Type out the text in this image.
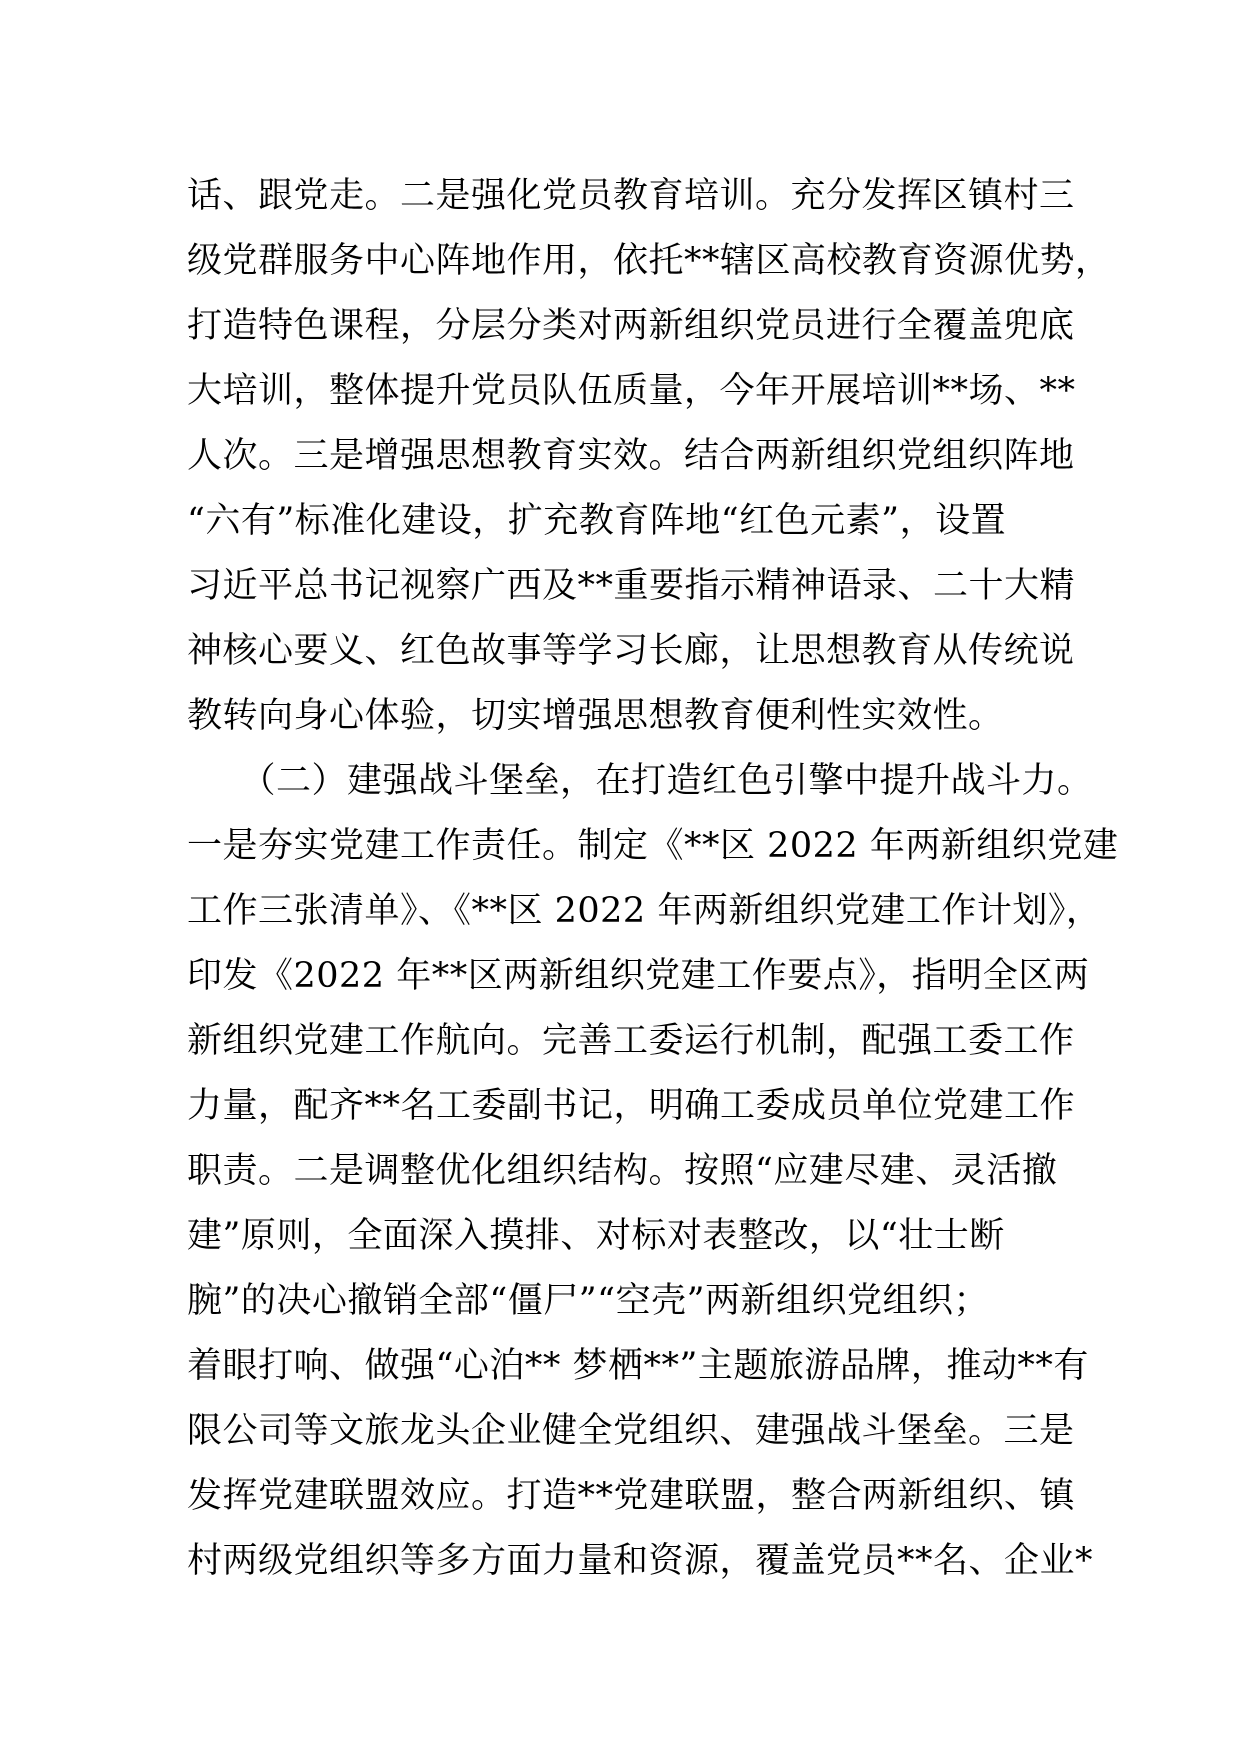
话、跟党走。二是强化党员教育培训。充分发挥区镇村三
级党群服务中心阵地作用，依托**辖区高校教育资源优势，
打造特色课程，分层分类对两新组织党员进行全覆盖兜底
大培训，整体提升党员队伍质量，今年开展培训**场、**
人次。三是增强思想教育实效。结合两新组织党组织阵地
“六有”标准化建设，扩充教育阵地“红色元素”，设置
习近平总书记视察广西及**重要指示精神语录、二十大精
神核心要义、红色故事等学习长廊，让思想教育从传统说
教转向身心体验，切实增强思想教育便利性实效性。
　　（二）建强战斗堡垒，在打造红色引擎中提升战斗力。
一是夯实党建工作责任。制定《**区 2022 年两新组织党建
工作三张清单》、《**区 2022 年两新组织党建工作计划》，
印发《2022 年**区两新组织党建工作要点》，指明全区两
新组织党建工作航向。完善工委运行机制，配强工委工作
力量，配齐**名工委副书记，明确工委成员单位党建工作
职责。二是调整优化组织结构。按照“应建尽建、灵活撤
建”原则，全面深入摸排、对标对表整改，以“壮士断
腕”的决心撤销全部“僵尸”“空壳”两新组织党组织；
着眼打响、做强“心泊** 梦栖**”主题旅游品牌，推动**有
限公司等文旅龙头企业健全党组织、建强战斗堡垒。三是
发挥党建联盟效应。打造**党建联盟，整合两新组织、镇
村两级党组织等多方面力量和资源，覆盖党员**名、企业*
